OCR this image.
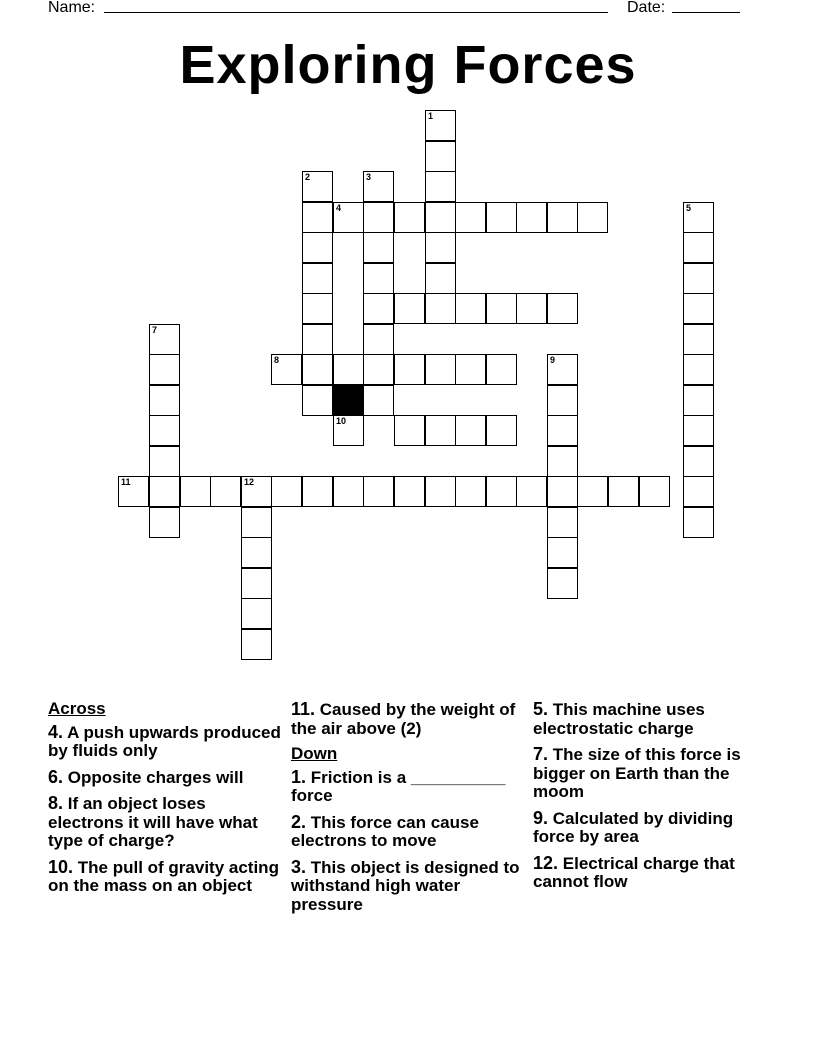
Name:	Date:
Exploring Forces
1
2	3
4	5
7
8	9
10
11	12
Across
4. A push upwards produced by fluids only
6. Opposite charges will
8. If an object loses electrons it will have what type of charge?
10. The pull of gravity acting on the mass on an object
11. Caused by the weight of the air above (2)
Down
1. Friction is a __________ force
2. This force can cause electrons to move
3. This object is designed to withstand high water pressure
5. This machine uses electrostatic charge
7. The size of this force is bigger on Earth than the moom
9. Calculated by dividing force by area
12. Electrical charge that cannot flow
